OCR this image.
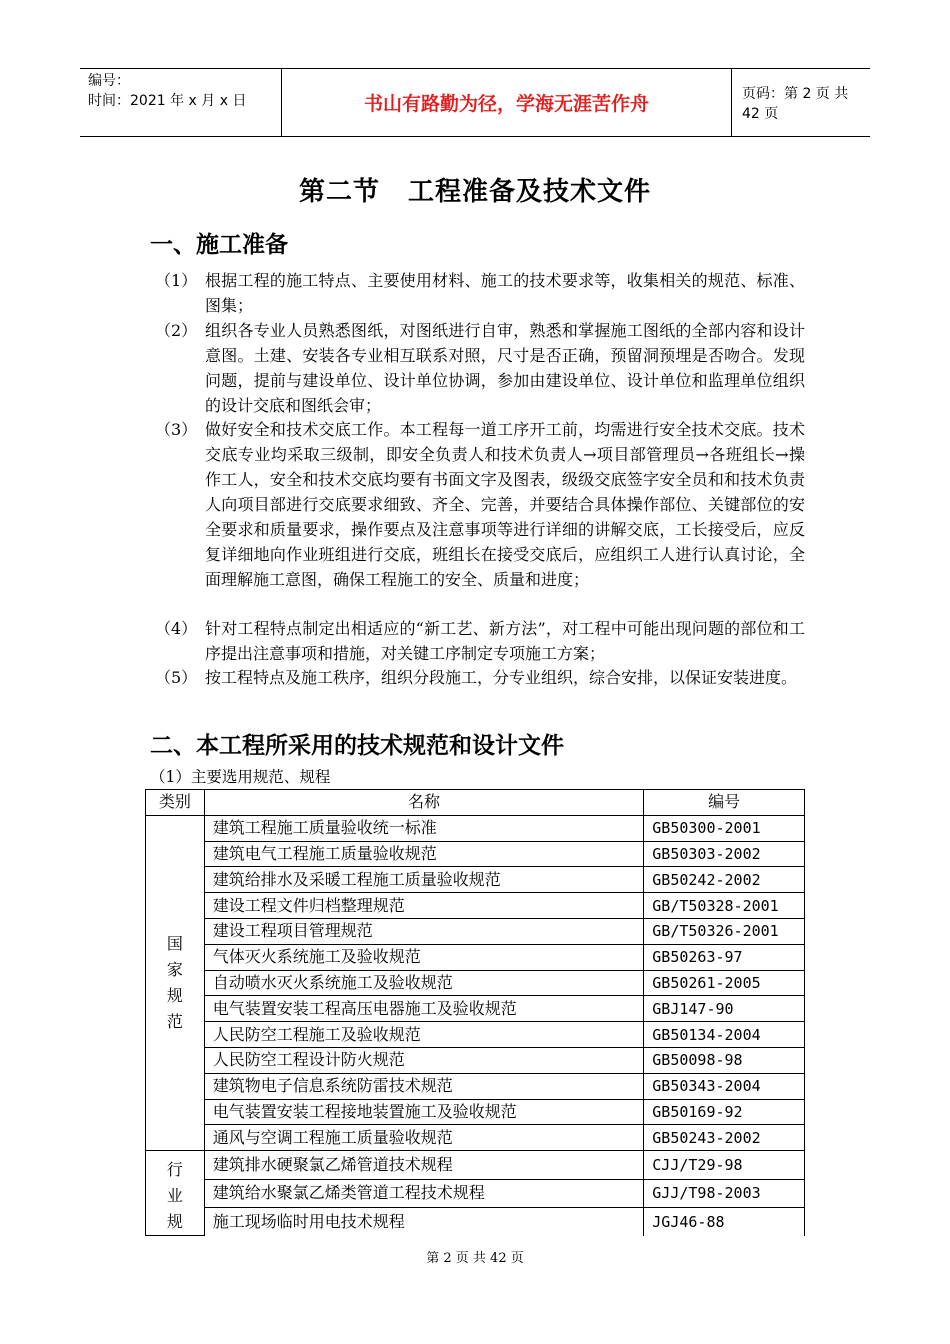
编号：
时间：2021 年 x 月 x 日	书山有路勤为径，学海无涯苦作舟	页码：第 2 页 共 42 页
第二节 工程准备及技术文件
一、施工准备
（1） 根据工程的施工特点、主要使用材料、施工的技术要求等，收集相关的规范、标准、图集；
（2） 组织各专业人员熟悉图纸，对图纸进行自审，熟悉和掌握施工图纸的全部内容和设计意图。土建、安装各专业相互联系对照，尺寸是否正确，预留洞预埋是否吻合。发现问题，提前与建设单位、设计单位协调，参加由建设单位、设计单位和监理单位组织的设计交底和图纸会审；
（3） 做好安全和技术交底工作。本工程每一道工序开工前，均需进行安全技术交底。技术交底专业均采取三级制，即安全负责人和技术负责人→项目部管理员→各班组长→操作工人，安全和技术交底均要有书面文字及图表，级级交底签字安全员和和技术负责人向项目部进行交底要求细致、齐全、完善，并要结合具体操作部位、关键部位的安全要求和质量要求，操作要点及注意事项等进行详细的讲解交底，工长接受后，应反复详细地向作业班组进行交底，班组长在接受交底后，应组织工人进行认真讨论，全面理解施工意图，确保工程施工的安全、质量和进度；
（4） 针对工程特点制定出相适应的“新工艺、新方法”，对工程中可能出现问题的部位和工序提出注意事项和措施，对关键工序制定专项施工方案；
（5） 按工程特点及施工秩序，组织分段施工，分专业组织，综合安排，以保证安装进度。
二、本工程所采用的技术规范和设计文件
（1）主要选用规范、规程
类别	名称	编号

国家规范	建筑工程施工质量验收统一标准	GB50300-2001
	建筑电气工程施工质量验收规范	GB50303-2002
	建筑给排水及采暖工程施工质量验收规范	GB50242-2002
	建设工程文件归档整理规范	GB/T50328-2001
	建设工程项目管理规范	GB/T50326-2001
	气体灭火系统施工及验收规范	GB50263-97
	自动喷水灭火系统施工及验收规范	GB50261-2005
	电气装置安装工程高压电器施工及验收规范	GBJ147-90
	人民防空工程施工及验收规范	GB50134-2004
	人民防空工程设计防火规范	GB50098-98
	建筑物电子信息系统防雷技术规范	GB50343-2004
	电气装置安装工程接地装置施工及验收规范	GB50169-92
	通风与空调工程施工质量验收规范	GB50243-2002

行业规	建筑排水硬聚氯乙烯管道技术规程	CJJ/T29-98
	建筑给水聚氯乙烯类管道工程技术规程	GJJ/T98-2003
	施工现场临时用电技术规程	JGJ46-88
第 2 页 共 42 页
